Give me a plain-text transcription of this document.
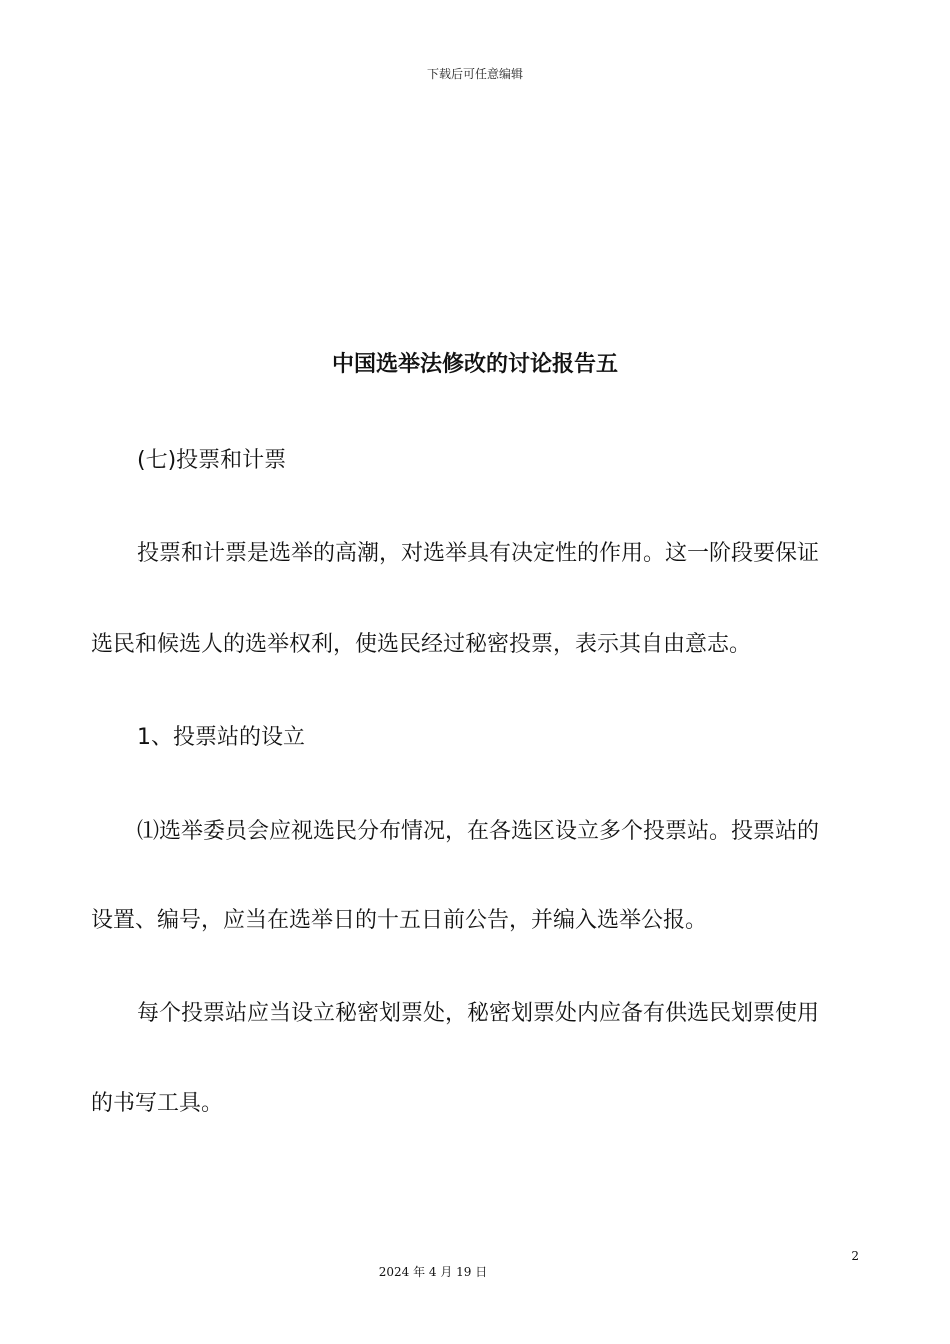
下载后可任意编辑
中国选举法修改的讨论报告五
(七)投票和计票
投票和计票是选举的高潮，对选举具有决定性的作用。这一阶段要保证
选民和候选人的选举权利，使选民经过秘密投票，表示其自由意志。
1、投票站的设立
⑴选举委员会应视选民分布情况，在各选区设立多个投票站。投票站的
设置、编号，应当在选举日的十五日前公告，并编入选举公报。
每个投票站应当设立秘密划票处，秘密划票处内应备有供选民划票使用
的书写工具。
2
2024 年 4 月 19 日
